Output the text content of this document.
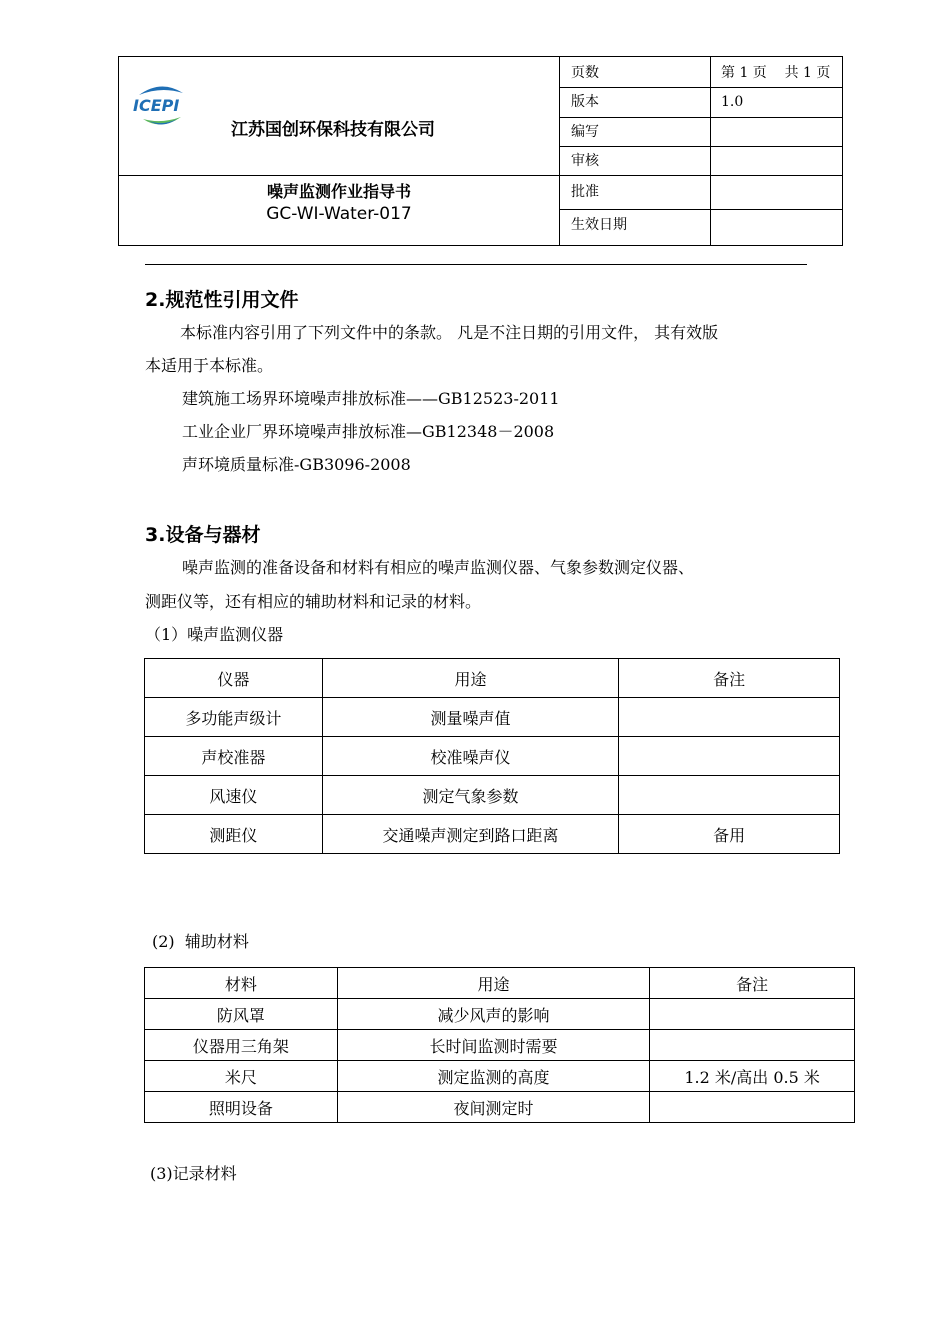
ICEPI
江苏国创环保科技有限公司
噪声监测作业指导书
GC-WI-Water-017
页数	第 1 页    共 1 页
版本	1.0
编写
审核
批准
生效日期
2.规范性引用文件
本标准内容引用了下列文件中的条款。 凡是不注日期的引用文件， 其有效版
本适用于本标准。
建筑施工场界环境噪声排放标准——GB12523-2011
工业企业厂界环境噪声排放标准—GB12348－2008
声环境质量标准-GB3096-2008
3.设备与器材
噪声监测的准备设备和材料有相应的噪声监测仪器、气象参数测定仪器、
测距仪等，还有相应的辅助材料和记录的材料。
（1）噪声监测仪器
仪器	用途	备注
多功能声级计	测量噪声值	
声校准器	校准噪声仪	
风速仪	测定气象参数	
测距仪	交通噪声测定到路口距离	备用
(2)  辅助材料
材料	用途	备注
防风罩	减少风声的影响	
仪器用三角架	长时间监测时需要	
米尺	测定监测的高度	1.2 米/高出 0.5 米
照明设备	夜间测定时	
(3)记录材料
